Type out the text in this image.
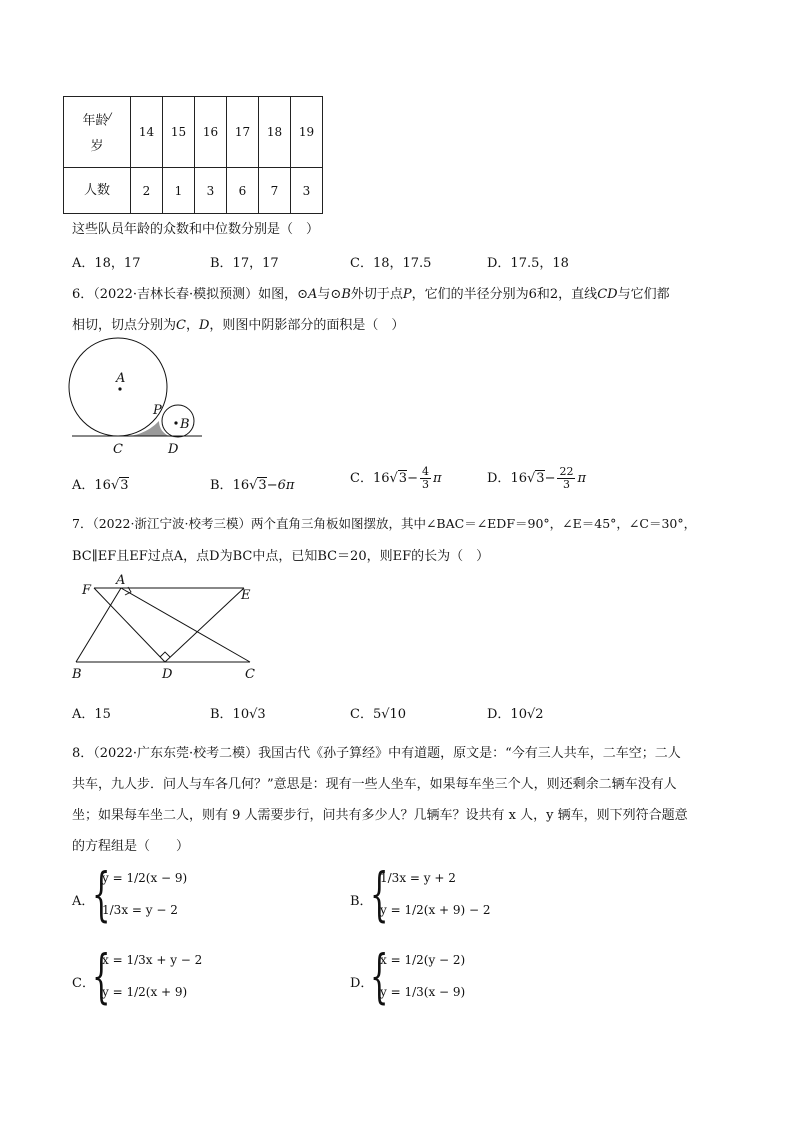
年龄/
岁	14	15	16	17	18	19
人数	2	1	3	6	7	3
这些队员年龄的众数和中位数分别是（　）
A．18，17	B．17，17	C．18，17.5	D．17.5，18
6．（2022·吉林长春·模拟预测）如图，⊙A与⊙B外切于点P，它们的半径分别为6和2，直线CD与它们都
相切，切点分别为C，D，则图中阴影部分的面积是（　）
A
P
B
C	D
A．16√3	B．16√3−6π	C．$16√3- \frac{4}{3}$ π	D．$16√3- \frac{22}{3}$ π
7．（2022·浙江宁波·校考三模）两个直角三角板如图摆放，其中∠BAC＝∠EDF＝90°，∠E＝45°，∠C＝30°，
BC∥EF且EF过点A，点D为BC中点，已知BC＝20，则EF的长为（　）
F
A
E
B	D	C
A．15	B．10√3	C．5√10	D．10√2
8．（2022·广东东莞·校考二模）我国古代《孙子算经》中有道题，原文是：“今有三人共车，二车空；二人
共车，九人步．问人与车各几何？”意思是：现有一些人坐车，如果每车坐三个人，则还剩余二辆车没有人
坐；如果每车坐二人，则有 9 人需要步行，问共有多少人？几辆车？设共有 x 人，y 辆车，则下列符合题意
的方程组是（　　）
A．
{
y = 1/2(x − 9)
1/3x = y − 2
B．
{
1/3x = y + 2
y = 1/2(x + 9) − 2
C．
{
x = 1/3x + y − 2
y = 1/2(x + 9)
D．
{
x = 1/2(y − 2)
y = 1/3(x − 9)
